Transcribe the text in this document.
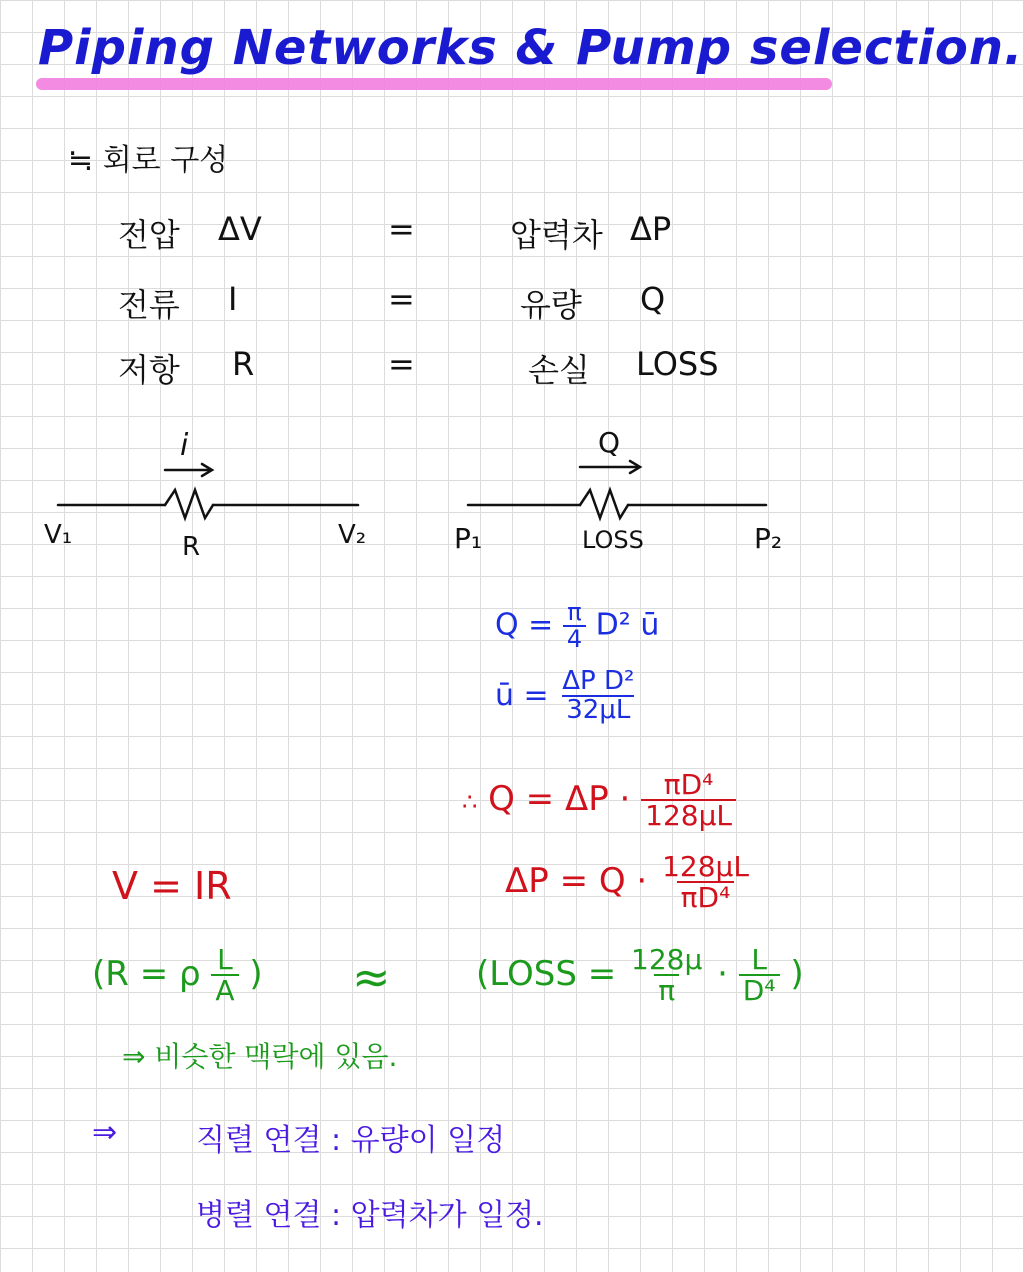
Piping Networks & Pump selection.
≒ 회로 구성
전압 ΔV	=	압력차 ΔP
전류 I	=	유량 Q
저항 R	=	손실 LOSS
i
V₁	R	V₂
Q
P₁	LOSS	P₂
$Q = \frac{\pi}{4} D^2$ ū
ū = $\frac{\text{ΔP D²}}{32\mu L}$
∴ $Q = \Delta P \cdot \frac{\text{πD⁴}}{128\mu L}$
V = IR	$\Delta P = Q \cdot \frac{128\mu L}{\text{πD⁴}}$
(R = ρ $\frac{L}{A}$ ) ≈	(LOSS = $\frac{128\mu}{\pi} \cdot \frac{L}{\text{D⁴}}$ )
⇒ 비슷한 맥락에 있음.
⇒	직렬 연결 : 유량이 일정
병렬 연결 : 압력차가 일정.
